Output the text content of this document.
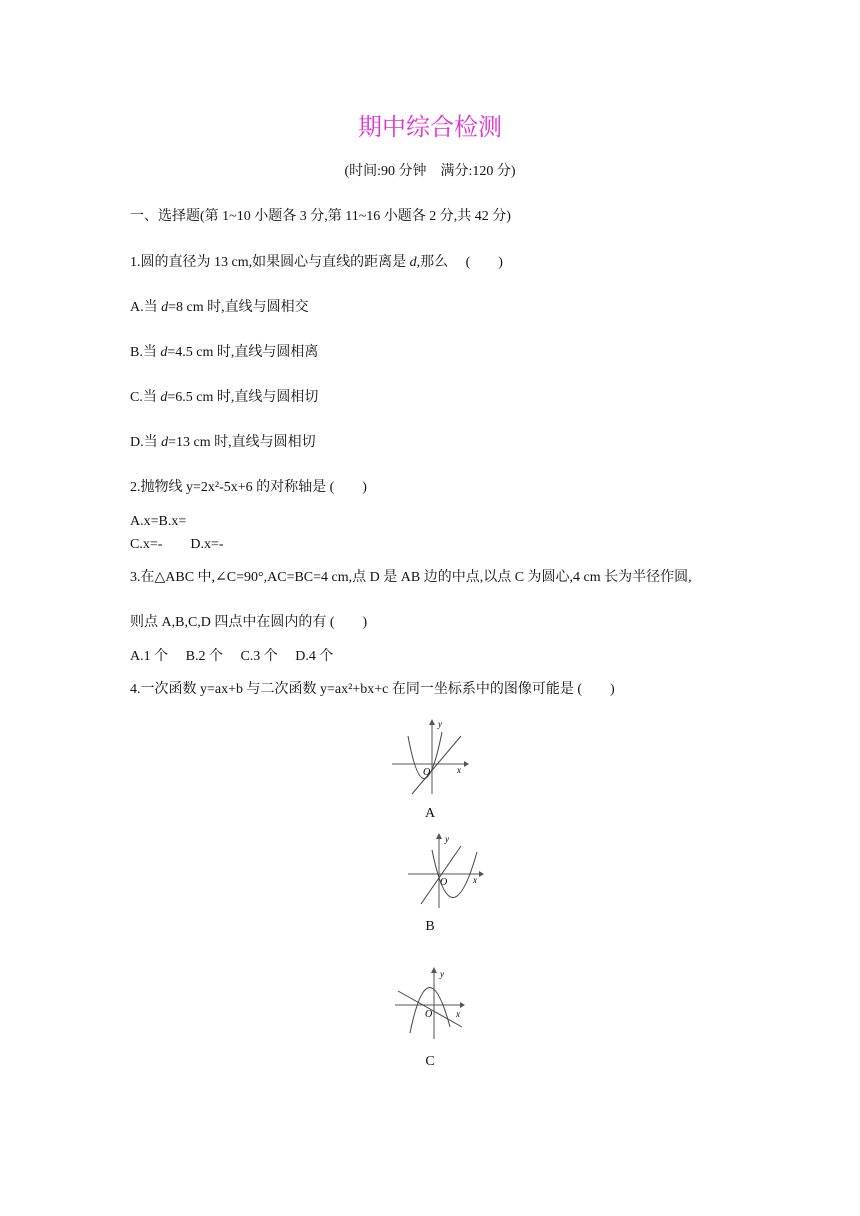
期中综合检测
(时间:90 分钟　满分:120 分)
一、选择题(第 1~10 小题各 3 分,第 11~16 小题各 2 分,共 42 分)
1.圆的直径为 13 cm,如果圆心与直线的距离是 d,那么　 (　　)
A.当 d=8 cm 时,直线与圆相交
B.当 d=4.5 cm 时,直线与圆相离
C.当 d=6.5 cm 时,直线与圆相切
D.当 d=13 cm 时,直线与圆相切
2.抛物线 y=2x²-5x+6 的对称轴是 (　　)
A.x=B.x=
C.x=-　　D.x=-
3.在△ABC 中,∠C=90°,AC=BC=4 cm,点 D 是 AB 边的中点,以点 C 为圆心,4 cm 长为半径作圆,
则点 A,B,C,D 四点中在圆内的有 (　　)
A.1 个　 B.2 个　 C.3 个　 D.4 个
4.一次函数 y=ax+b 与二次函数 y=ax²+bx+c 在同一坐标系中的图像可能是 (　　)
y
x
O
A
y
x
O
B
y
x
O
C
